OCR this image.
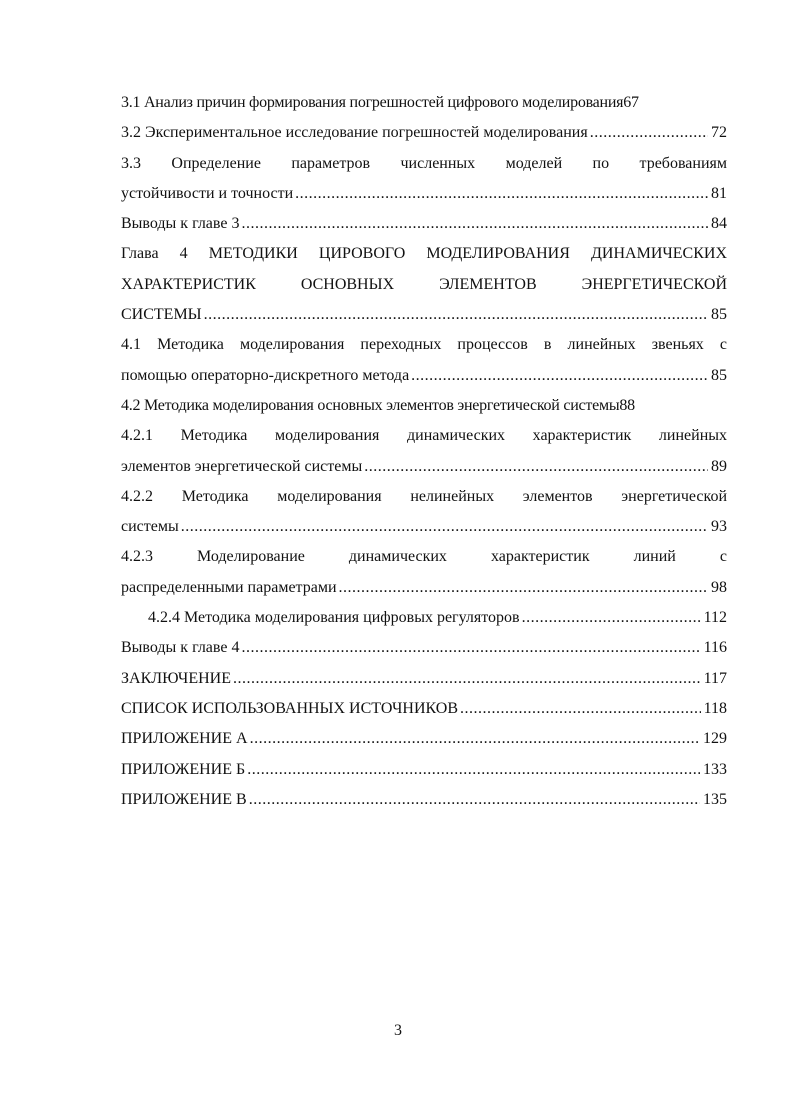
3.1 Анализ причин формирования погрешностей цифрового моделирования 67
3.2 Экспериментальное исследование погрешностей моделирования .....	72
3.3 Определение параметров численных моделей по требованиям
устойчивости и точности .....	81
Выводы к главе 3 .....	84
Глава 4 МЕТОДИКИ ЦИРОВОГО МОДЕЛИРОВАНИЯ ДИНАМИЧЕСКИХ
ХАРАКТЕРИСТИК ОСНОВНЫХ ЭЛЕМЕНТОВ ЭНЕРГЕТИЧЕСКОЙ
СИСТЕМЫ .....	85
4.1 Методика моделирования переходных процессов в линейных звеньях с
помощью операторно-дискретного метода .....	85
4.2 Методика моделирования основных элементов энергетической системы 88
4.2.1 Методика моделирования динамических характеристик линейных
элементов энергетической системы .....	89
4.2.2 Методика моделирования нелинейных элементов энергетической
системы .....	93
4.2.3 Моделирование динамических характеристик линий с
распределенными параметрами .....	98
4.2.4 Методика моделирования цифровых регуляторов .....	112
Выводы к главе 4 .....	116
ЗАКЛЮЧЕНИЕ .....	117
СПИСОК ИСПОЛЬЗОВАННЫХ ИСТОЧНИКОВ .....	118
ПРИЛОЖЕНИЕ А .....	129
ПРИЛОЖЕНИЕ Б .....	133
ПРИЛОЖЕНИЕ В .....	135
3
